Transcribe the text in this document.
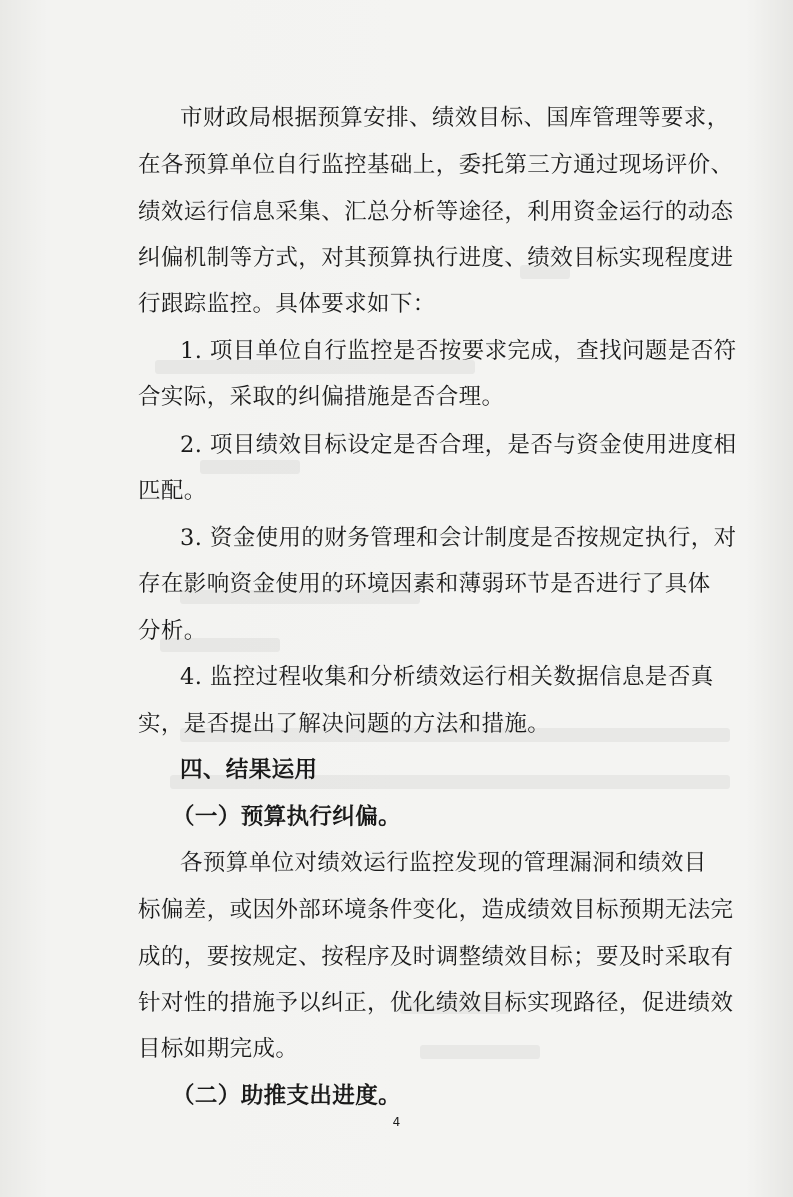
市财政局根据预算安排、绩效目标、国库管理等要求，
在各预算单位自行监控基础上，委托第三方通过现场评价、
绩效运行信息采集、汇总分析等途径，利用资金运行的动态
纠偏机制等方式，对其预算执行进度、绩效目标实现程度进
行跟踪监控。具体要求如下：
1. 项目单位自行监控是否按要求完成，查找问题是否符
合实际，采取的纠偏措施是否合理。
2. 项目绩效目标设定是否合理，是否与资金使用进度相
匹配。
3. 资金使用的财务管理和会计制度是否按规定执行，对
存在影响资金使用的环境因素和薄弱环节是否进行了具体
分析。
4. 监控过程收集和分析绩效运行相关数据信息是否真
实，是否提出了解决问题的方法和措施。
四、结果运用
（一）预算执行纠偏。
各预算单位对绩效运行监控发现的管理漏洞和绩效目
标偏差，或因外部环境条件变化，造成绩效目标预期无法完
成的，要按规定、按程序及时调整绩效目标；要及时采取有
针对性的措施予以纠正，优化绩效目标实现路径，促进绩效
目标如期完成。
（二）助推支出进度。
4
